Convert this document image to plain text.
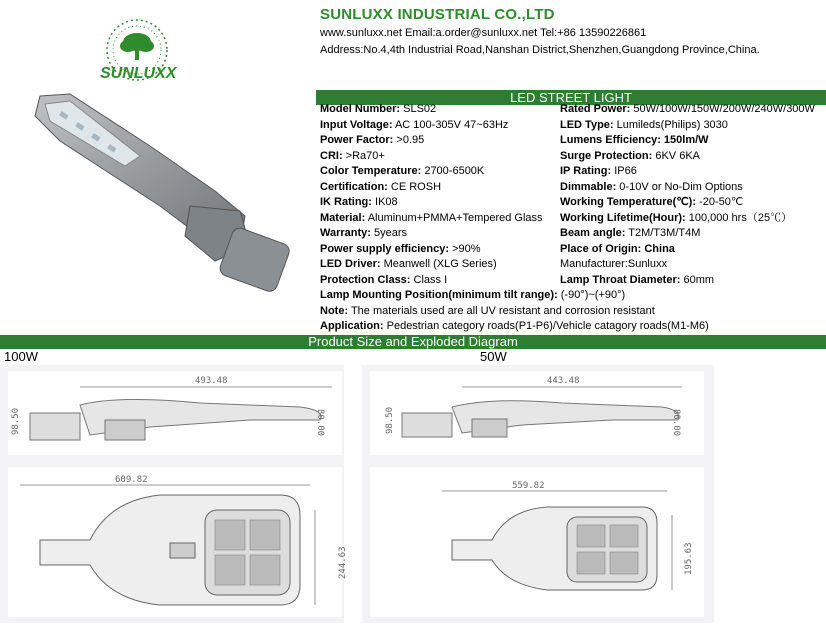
SUNLUXX
SUNLUXX INDUSTRIAL CO.,LTD
www.sunluxx.net Email:a.order@sunluxx.net Tel:+86 13590226861
Address:No.4,4th Industrial Road,Nanshan District,Shenzhen,Guangdong Province,China.
LED STREET LIGHT
Model Number: SLS02
Input Voltage: AC 100-305V 47~63Hz
Power Factor: >0.95
CRI: >Ra70+
Color Temperature: 2700-6500K
Certification: CE ROSH
IK Rating: IK08
Material: Aluminum+PMMA+Tempered Glass
Warranty: 5years
Power supply efficiency: >90%
LED Driver: Meanwell (XLG Series)
Protection Class: Class I
Rated Power: 50W/100W/150W/200W/240W/300W
LED Type: Lumileds(Philips) 3030
Lumens Efficiency: 150lm/W
Surge Protection: 6KV 6KA
IP Rating: IP66
Dimmable: 0-10V or No-Dim Options
Working Temperature(℃): -20-50℃
Working Lifetime(Hour): 100,000 hrs（25℃）
Beam angle: T2M/T3M/T4M
Place of Origin: China
Manufacturer:Sunluxx
Lamp Throat Diameter: 60mm
Lamp Mounting Position(minimum tilt range): (-90°)~(+90°)
Note: The materials used are all UV resistant and corrosion resistant
Application: Pedestrian category roads(P1-P6)/Vehicle catagory roads(M1-M6)
Product Size and Exploded Diagram
100W	50W
493.48
98.50	80.00
609.82
244.63
443.48
98.50	80.00
559.82
195.63
